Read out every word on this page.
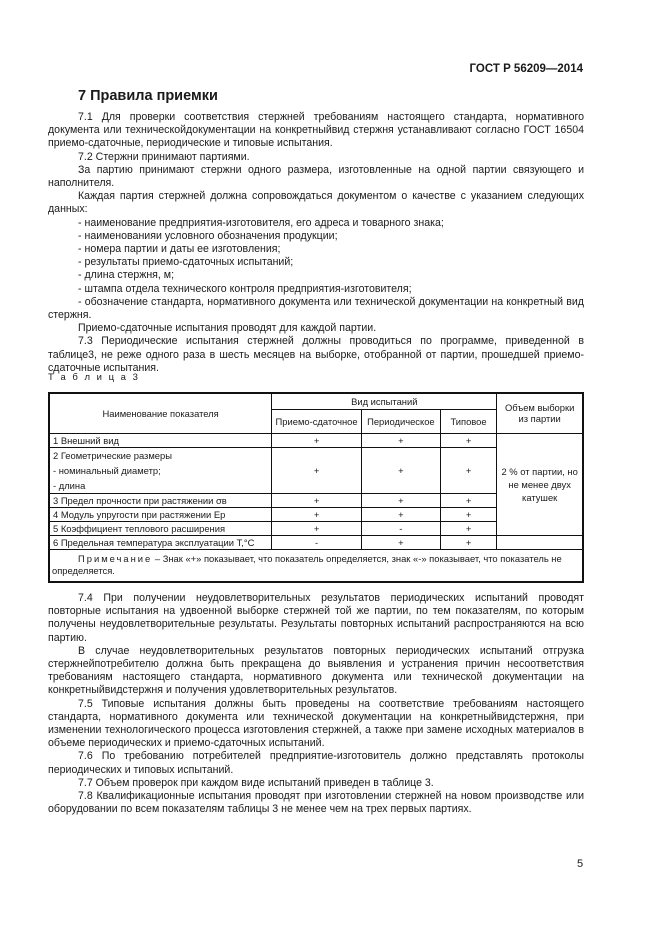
ГОСТ Р 56209—2014
7 Правила приемки

7.1 Для проверки соответствия стержней требованиям настоящего стандарта, нормативного документа или техническойдокументации на конкретныйвид стержня устанавливают согласно ГОСТ 16504 приемо-сдаточные, периодические и типовые испытания.

7.2 Стержни принимают партиями.

За партию принимают стержни одного размера, изготовленные на одной партии связующего и наполнителя.

Каждая партия стержней должна сопровождаться документом о качестве с указанием следующих данных:

- наименование предприятия-изготовителя, его адреса и товарного знака;

- наименованияи условного обозначения продукции;

- номера партии и даты ее изготовления;

- результаты приемо-сдаточных испытаний;

- длина стержня, м;

- штампа отдела технического контроля предприятия-изготовителя;

- обозначение стандарта, нормативного документа или технической документации на конкретный вид стержня.

Приемо-сдаточные испытания проводят для каждой партии.

7.3 Периодические испытания стержней должны проводиться по программе, приведенной в таблице3, не реже одного раза в шесть месяцев на выборке, отобранной от партии, прошедшей приемо-сдаточные испытания.

Т а б л и ц а 3
Наименование показателя	Вид испытаний			Объем выборки из партии
	Приемо-сдаточное	Периодическое	Типовое	
1 Внешний вид	+	+	+	2 % от партии, но не менее двух катушек

2 Геометрические размеры
- номинальный диаметр;
- длина	+	+	+	
3 Предел прочности при растяжении σв	+	+	+	
4 Модуль упругости при растяжении Ер	+	+	+	
5 Коэффициент теплового расширения	+	-	+	
6 Предельная температура эксплуатации T,°C	-	+	+	
Примечание – Знак «+» показывает, что показатель определяется, знак «-» показывает, что показатель не определяется.				

7.4 При получении неудовлетворительных результатов периодических испытаний проводят повторные испытания на удвоенной выборке стержней той же партии, по тем показателям, по которым получены неудовлетворительные результаты. Результаты повторных испытаний распространяются на всю партию.

В случае неудовлетворительных результатов повторных периодических испытаний отгрузка стержнейпотребителю должна быть прекращена до выявления и устранения причин несоответствия требованиям настоящего стандарта, нормативного документа или технической документации на конкретныйвидстержня и получения удовлетворительных результатов.

7.5 Типовые испытания должны быть проведены на соответствие требованиям настоящего стандарта, нормативного документа или технической документации на конкретныйвидстержня, при изменении технологического процесса изготовления стержней, а также при замене исходных материалов в объеме периодических и приемо-сдаточных испытаний.

7.6 По требованию потребителей предприятие-изготовитель должно представлять протоколы периодических и типовых испытаний.

7.7 Объем проверок при каждом виде испытаний приведен в таблице 3.

7.8 Квалификационные испытания проводят при изготовлении стержней на новом производстве или оборудовании по всем показателям таблицы 3 не менее чем на трех первых партиях.

5
